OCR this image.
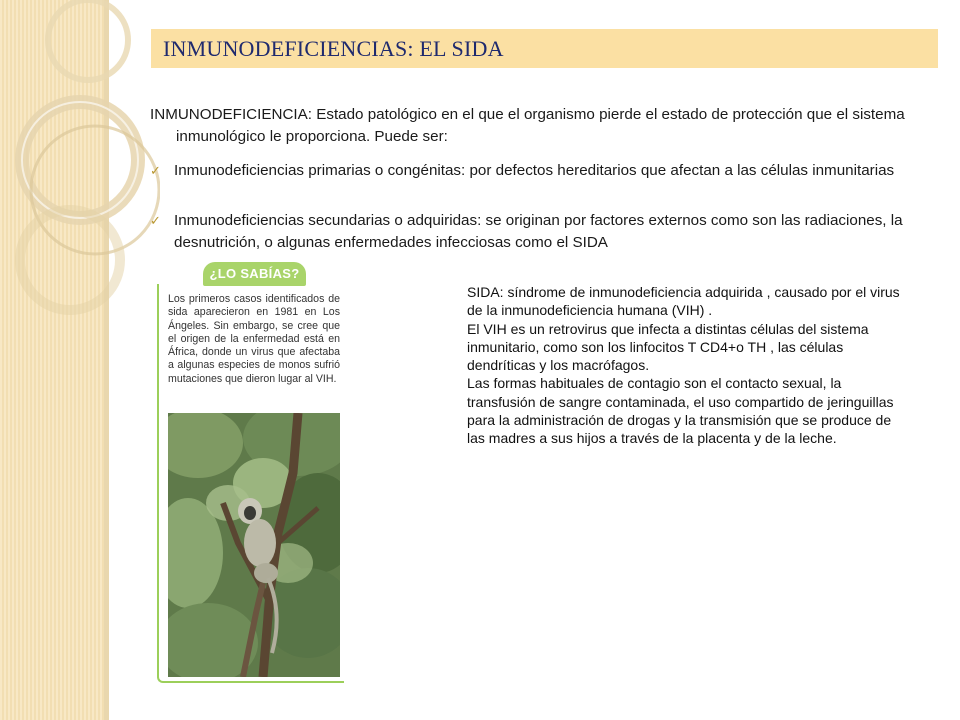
INMUNODEFICIENCIAS: EL SIDA

INMUNODEFICIENCIA: Estado patológico en el que el organismo pierde el estado de protección que el sistema inmunológico le proporciona. Puede ser:

✓ Inmunodeficiencias primarias o congénitas: por defectos hereditarios que afectan a las células inmunitarias
✓ Inmunodeficiencias secundarias o adquiridas: se originan por factores externos como son las radiaciones, la desnutrición, o algunas enfermedades infecciosas como el SIDA
¿LO SABÍAS?

Los primeros casos identificados de sida aparecieron en 1981 en Los Ángeles. Sin embargo, se cree que el origen de la enfermedad está en África, donde un virus que afectaba a algunas especies de monos sufrió mutaciones que dieron lugar al VIH.

SIDA: síndrome de inmunodeficiencia adquirida , causado por el virus de la inmunodeficiencia humana (VIH) .

El VIH es un retrovirus que infecta a distintas células del sistema inmunitario, como son los linfocitos T CD4+o TH , las células dendríticas y los macrófagos.

Las formas habituales de contagio son el contacto sexual, la transfusión de sangre contaminada, el uso compartido de jeringuillas para la administración de drogas y la transmisión que se produce de las madres a sus hijos a través de la placenta y de la leche.
